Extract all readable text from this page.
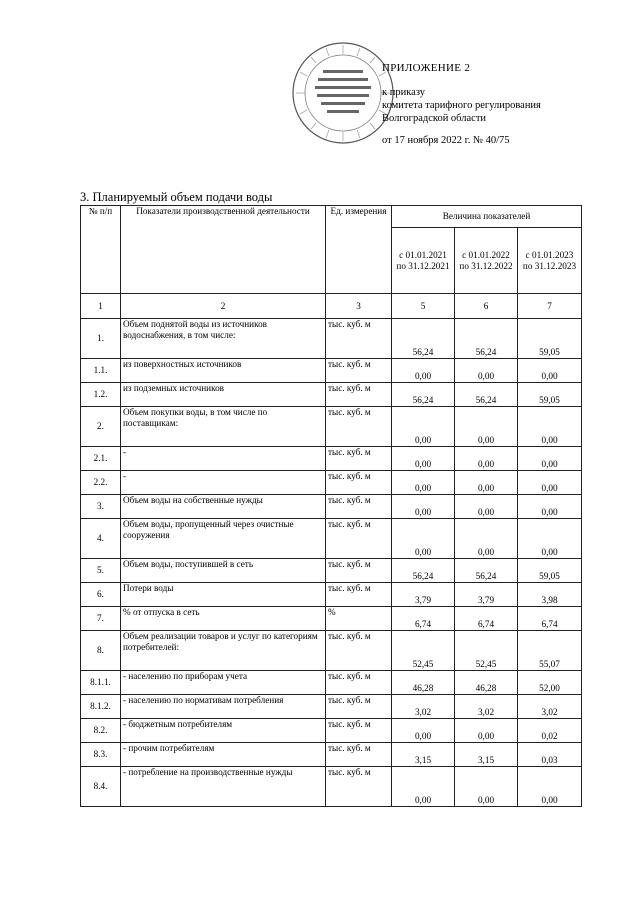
ПРИЛОЖЕНИЕ 2
к приказу
комитета тарифного регулирования
Волгоградской области
от 17 ноября 2022 г. № 40/75
3. Планируемый объем подачи воды
№ п/п	Показатели производственной деятельности	Ед. измерения	Величина показателей		
			с 01.01.2021 по 31.12.2021	с 01.01.2022 по 31.12.2022	с 01.01.2023 по 31.12.2023
1	2	3	5	6	7
1.	Объем поднятой воды из источников водоснабжения, в том числе:	тыс. куб. м	56,24	56,24	59,05
1.1.	из поверхностных источников	тыс. куб. м	0,00	0,00	0,00
1.2.	из подземных источников	тыс. куб. м	56,24	56,24	59,05
2.	Объем покупки воды, в том числе по поставщикам:	тыс. куб. м	0,00	0,00	0,00
2.1.	-	тыс. куб. м	0,00	0,00	0,00
2.2.	-	тыс. куб. м	0,00	0,00	0,00
3.	Объем воды на собственные нужды	тыс. куб. м	0,00	0,00	0,00
4.	Объем воды, пропущенный через очистные сооружения	тыс. куб. м	0,00	0,00	0,00
5.	Объем воды, поступившей в сеть	тыс. куб. м	56,24	56,24	59,05
6.	Потери воды	тыс. куб. м	3,79	3,79	3,98
7.	% от отпуска в сеть	%	6,74	6,74	6,74
8.	Объем реализации товаров и услуг по категориям потребителей:	тыс. куб. м	52,45	52,45	55,07
8.1.1.	- населению по приборам учета	тыс. куб. м	46,28	46,28	52,00
8.1.2.	- населению по нормативам потребления	тыс. куб. м	3,02	3,02	3,02
8.2.	- бюджетным потребителям	тыс. куб. м	0,00	0,00	0,02
8.3.	- прочим потребителям	тыс. куб. м	3,15	3,15	0,03
8.4.	- потребление на производственные нужды	тыс. куб. м	0,00	0,00	0,00
